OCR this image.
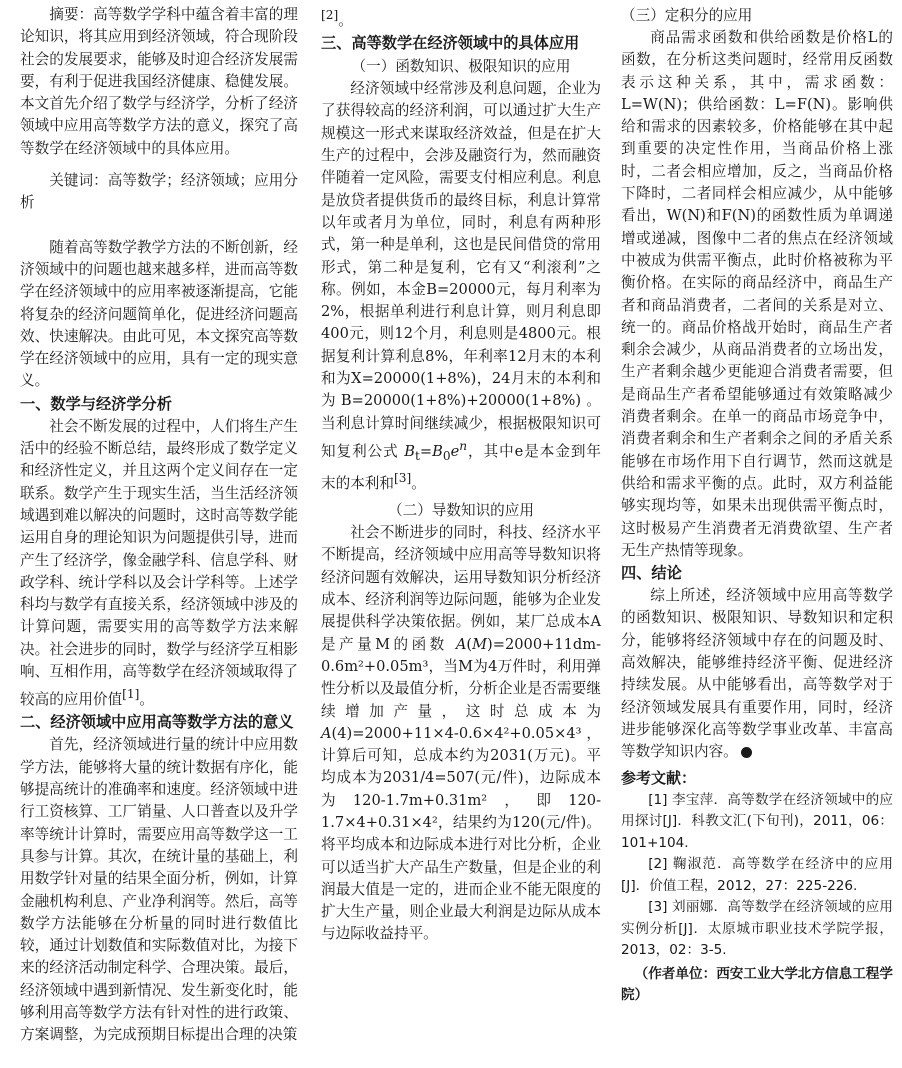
摘要：高等数学学科中蕴含着丰富的理论知识，将其应用到经济领域，符合现阶段社会的发展要求，能够及时迎合经济发展需要，有利于促进我国经济健康、稳健发展。本文首先介绍了数学与经济学，分析了经济领域中应用高等数学方法的意义，探究了高等数学在经济领域中的具体应用。

关键词：高等数学；经济领域；应用分析

随着高等数学教学方法的不断创新，经济领域中的问题也越来越多样，进而高等数学在经济领域中的应用率被逐渐提高，它能将复杂的经济问题简单化，促进经济问题高效、快速解决。由此可见，本文探究高等数学在经济领域中的应用，具有一定的现实意义。

一、数学与经济学分析

社会不断发展的过程中，人们将生产生活中的经验不断总结，最终形成了数学定义和经济性定义，并且这两个定义间存在一定联系。数学产生于现实生活，当生活经济领域遇到难以解决的问题时，这时高等数学能运用自身的理论知识为问题提供引导，进而产生了经济学，像金融学科、信息学科、财政学科、统计学科以及会计学科等。上述学科均与数学有直接关系，经济领域中涉及的计算问题，需要实用的高等数学方法来解决。社会进步的同时，数学与经济学互相影响、互相作用，高等数学在经济领域取得了较高的应用价值[1]。

二、经济领域中应用高等数学方法的意义

首先，经济领域进行量的统计中应用数学方法，能够将大量的统计数据有序化，能够提高统计的准确率和速度。经济领域中进行工资核算、工厂销量、人口普查以及升学率等统计计算时，需要应用高等数学这一工具参与计算。其次，在统计量的基础上，利用数学针对量的结果全面分析，例如，计算金融机构利息、产业净利润等。然后，高等数学方法能够在分析量的同时进行数值比较，通过计划数值和实际数值对比，为接下来的经济活动制定科学、合理决策。最后，经济领域中遇到新情况、发生新变化时，能够利用高等数学方法有针对性的进行政策、方案调整，为完成预期目标提出合理的决策

[2]。

三、高等数学在经济领域中的具体应用
（一）函数知识、极限知识的应用

经济领域中经常涉及利息问题，企业为了获得较高的经济利润，可以通过扩大生产规模这一形式来谋取经济效益，但是在扩大生产的过程中，会涉及融资行为，然而融资伴随着一定风险，需要支付相应利息。利息是放贷者提供货币的最终目标，利息计算常以年或者月为单位，同时，利息有两种形式，第一种是单利，这也是民间借贷的常用形式，第二种是复利，它有又“利滚利”之称。例如，本金B=20000元，每月利率为2%，根据单利进行利息计算，则月利息即400元，则12个月，利息则是4800元。根据复利计算利息8%，年利率12月末的本利和为X=20000(1+8%)，24月末的本利和为B=20000(1+8%)+20000(1+8%)。当利息计算时间继续减少，根据极限知识可知复利公式 $B_t=B_0e^n$，其中e是本金到年末的本利和[3]。

（二）导数知识的应用

社会不断进步的同时，科技、经济水平不断提高，经济领域中应用高等导数知识将经济问题有效解决，运用导数知识分析经济成本、经济利润等边际问题，能够为企业发展提供科学决策依据。例如，某厂总成本A是产量M的函数 A(M)=2000+11dm-0.6m²+0.05m³，当M为4万件时，利用弹性分析以及最值分析，分析企业是否需要继续增加产量，这时总成本为A(4)=2000+11×4-0.6×4²+0.05×4³，计算后可知，总成本约为2031(万元)。平均成本为2031/4=507(元/件)，边际成本为120-1.7m+0.31m²，即120-1.7×4+0.31×4²，结果约为120(元/件)。将平均成本和边际成本进行对比分析，企业可以适当扩大产品生产数量，但是企业的利润最大值是一定的，进而企业不能无限度的扩大生产量，则企业最大利润是边际从成本与边际收益持平。

（三）定积分的应用

商品需求函数和供给函数是价格L的函数，在分析这类问题时，经常用反函数表示这种关系，其中，需求函数：L=W(N)；供给函数：L=F(N)。影响供给和需求的因素较多，价格能够在其中起到重要的决定性作用，当商品价格上涨时，二者会相应增加，反之，当商品价格下降时，二者同样会相应减少，从中能够看出，W(N)和F(N)的函数性质为单调递增或递减，图像中二者的焦点在经济领域中被成为供需平衡点，此时价格被称为平衡价格。在实际的商品经济中，商品生产者和商品消费者，二者间的关系是对立、统一的。商品价格战开始时，商品生产者剩余会减少，从商品消费者的立场出发，生产者剩余越少更能迎合消费者需要，但是商品生产者希望能够通过有效策略减少消费者剩余。在单一的商品市场竞争中，消费者剩余和生产者剩余之间的矛盾关系能够在市场作用下自行调节，然而这就是供给和需求平衡的点。此时，双方利益能够实现均等，如果未出现供需平衡点时，这时极易产生消费者无消费欲望、生产者无生产热情等现象。

四、结论

综上所述，经济领域中应用高等数学的函数知识、极限知识、导数知识和定积分，能够将经济领域中存在的问题及时、高效解决，能够维持经济平衡、促进经济持续发展。从中能够看出，高等数学对于经济领域发展具有重要作用，同时，经济进步能够深化高等数学事业改革、丰富高等数学知识内容。

参考文献：

[1] 李宝萍．高等数学在经济领域中的应用探讨[J]．科教文汇(下旬刊)，2011，06：101+104.

[2] 鞠淑范．高等数学在经济中的应用[J]．价值工程，2012，27：225-226.

[3] 刘丽娜．高等数学在经济领域的应用实例分析[J]．太原城市职业技术学院学报，2013，02：3-5.

（作者单位：西安工业大学北方信息工程学院）
